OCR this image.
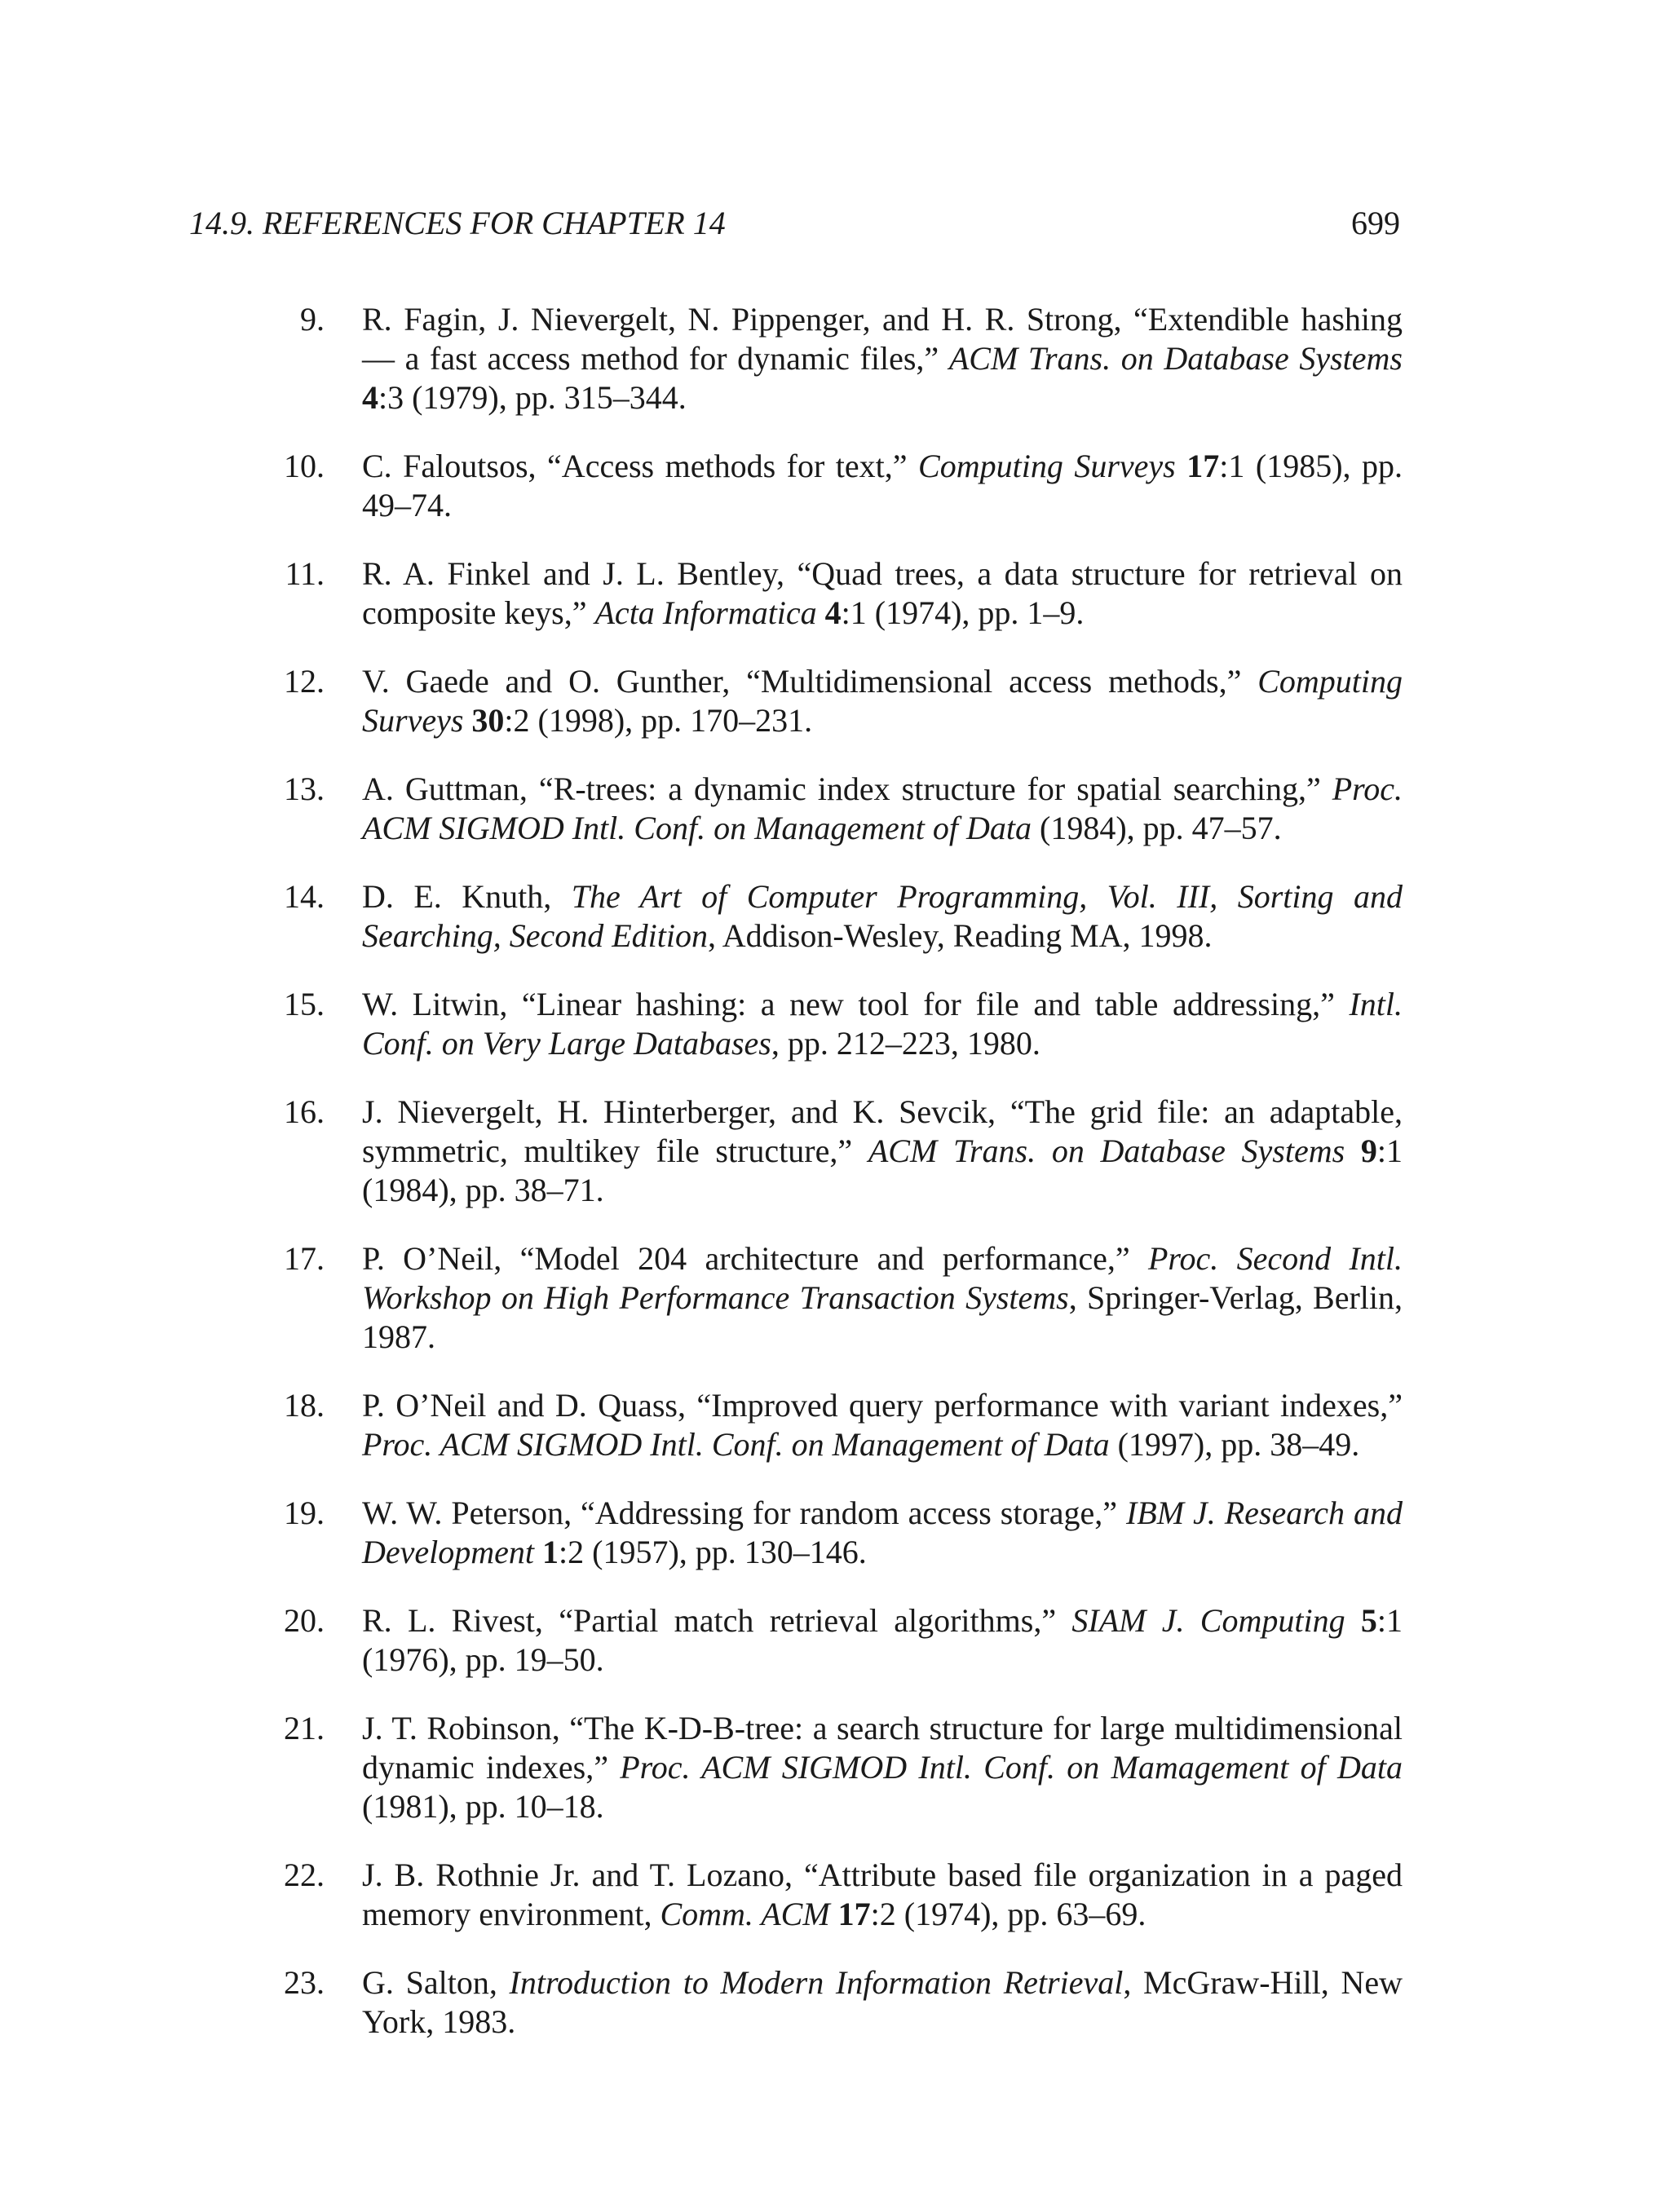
14.9. REFERENCES FOR CHAPTER 14	699
9. R. Fagin, J. Nievergelt, N. Pippenger, and H. R. Strong, “Extendible hashing — a fast access method for dynamic files,” ACM Trans. on Database Systems 4:3 (1979), pp. 315–344.
10. C. Faloutsos, “Access methods for text,” Computing Surveys 17:1 (1985), pp. 49–74.
11. R. A. Finkel and J. L. Bentley, “Quad trees, a data structure for retrieval on composite keys,” Acta Informatica 4:1 (1974), pp. 1–9.
12. V. Gaede and O. Gunther, “Multidimensional access methods,” Computing Surveys 30:2 (1998), pp. 170–231.
13. A. Guttman, “R-trees: a dynamic index structure for spatial searching,” Proc. ACM SIGMOD Intl. Conf. on Management of Data (1984), pp. 47–57.
14. D. E. Knuth, The Art of Computer Programming, Vol. III, Sorting and Searching, Second Edition, Addison-Wesley, Reading MA, 1998.
15. W. Litwin, “Linear hashing: a new tool for file and table addressing,” Intl. Conf. on Very Large Databases, pp. 212–223, 1980.
16. J. Nievergelt, H. Hinterberger, and K. Sevcik, “The grid file: an adaptable, symmetric, multikey file structure,” ACM Trans. on Database Systems 9:1 (1984), pp. 38–71.
17. P. O’Neil, “Model 204 architecture and performance,” Proc. Second Intl. Workshop on High Performance Transaction Systems, Springer-Verlag, Berlin, 1987.
18. P. O’Neil and D. Quass, “Improved query performance with variant indexes,” Proc. ACM SIGMOD Intl. Conf. on Management of Data (1997), pp. 38–49.
19. W. W. Peterson, “Addressing for random access storage,” IBM J. Research and Development 1:2 (1957), pp. 130–146.
20. R. L. Rivest, “Partial match retrieval algorithms,” SIAM J. Computing 5:1 (1976), pp. 19–50.
21. J. T. Robinson, “The K-D-B-tree: a search structure for large multidimensional dynamic indexes,” Proc. ACM SIGMOD Intl. Conf. on Mamagement of Data (1981), pp. 10–18.
22. J. B. Rothnie Jr. and T. Lozano, “Attribute based file organization in a paged memory environment, Comm. ACM 17:2 (1974), pp. 63–69.
23. G. Salton, Introduction to Modern Information Retrieval, McGraw-Hill, New York, 1983.
